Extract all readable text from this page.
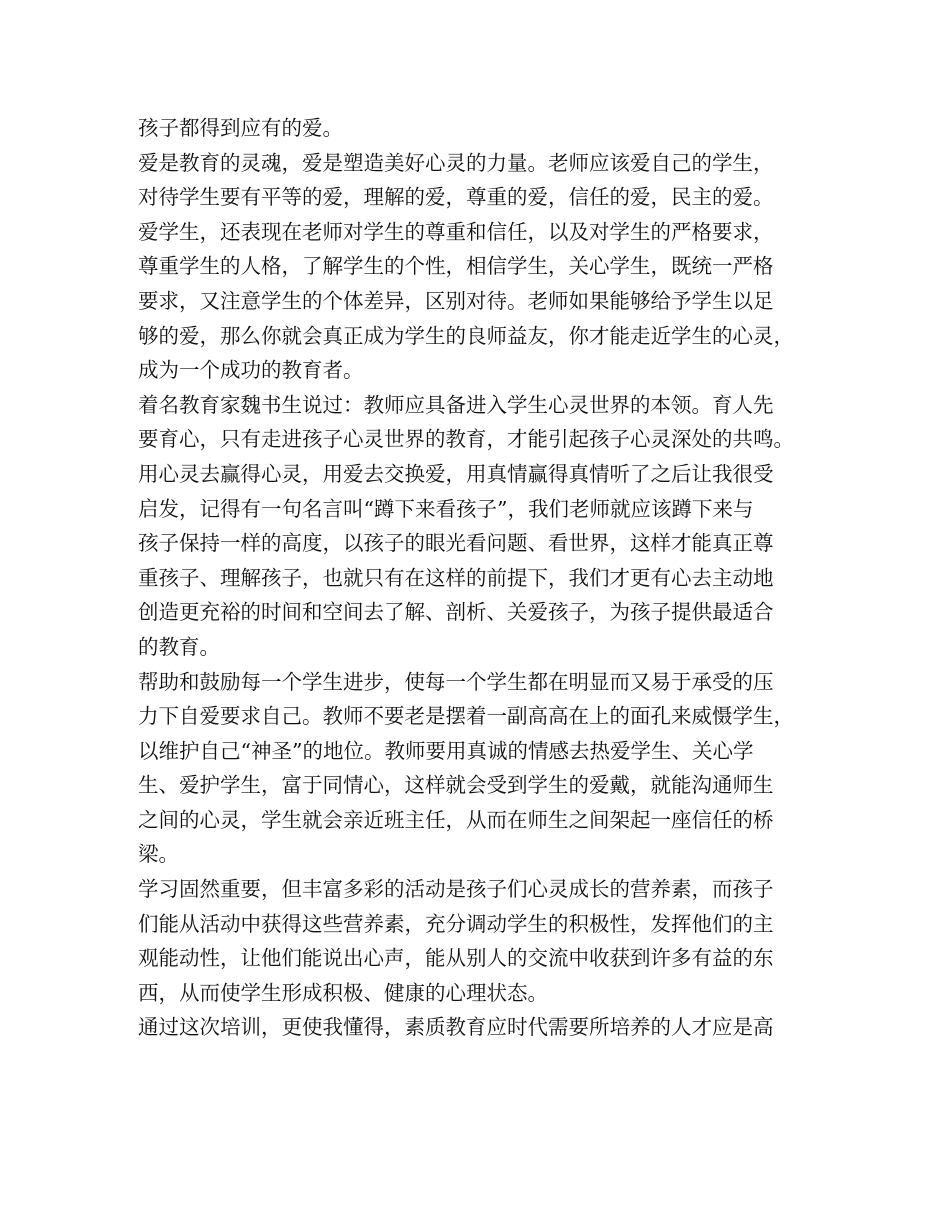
孩子都得到应有的爱。
爱是教育的灵魂，爱是塑造美好心灵的力量。老师应该爱自己的学生，
对待学生要有平等的爱，理解的爱，尊重的爱，信任的爱，民主的爱。
爱学生，还表现在老师对学生的尊重和信任，以及对学生的严格要求，
尊重学生的人格，了解学生的个性，相信学生，关心学生，既统一严格
要求，又注意学生的个体差异，区别对待。老师如果能够给予学生以足
够的爱，那么你就会真正成为学生的良师益友，你才能走近学生的心灵，
成为一个成功的教育者。
着名教育家魏书生说过：教师应具备进入学生心灵世界的本领。育人先
要育心，只有走进孩子心灵世界的教育，才能引起孩子心灵深处的共鸣。
用心灵去赢得心灵，用爱去交换爱，用真情赢得真情听了之后让我很受
启发，记得有一句名言叫“蹲下来看孩子”，我们老师就应该蹲下来与
孩子保持一样的高度，以孩子的眼光看问题、看世界，这样才能真正尊
重孩子、理解孩子，也就只有在这样的前提下，我们才更有心去主动地
创造更充裕的时间和空间去了解、剖析、关爱孩子，为孩子提供最适合
的教育。
帮助和鼓励每一个学生进步，使每一个学生都在明显而又易于承受的压
力下自爱要求自己。教师不要老是摆着一副高高在上的面孔来威慑学生，
以维护自己“神圣”的地位。教师要用真诚的情感去热爱学生、关心学
生、爱护学生，富于同情心，这样就会受到学生的爱戴，就能沟通师生
之间的心灵，学生就会亲近班主任，从而在师生之间架起一座信任的桥
梁。
学习固然重要，但丰富多彩的活动是孩子们心灵成长的营养素，而孩子
们能从活动中获得这些营养素，充分调动学生的积极性，发挥他们的主
观能动性，让他们能说出心声，能从别人的交流中收获到许多有益的东
西，从而使学生形成积极、健康的心理状态。
通过这次培训，更使我懂得，素质教育应时代需要所培养的人才应是高
